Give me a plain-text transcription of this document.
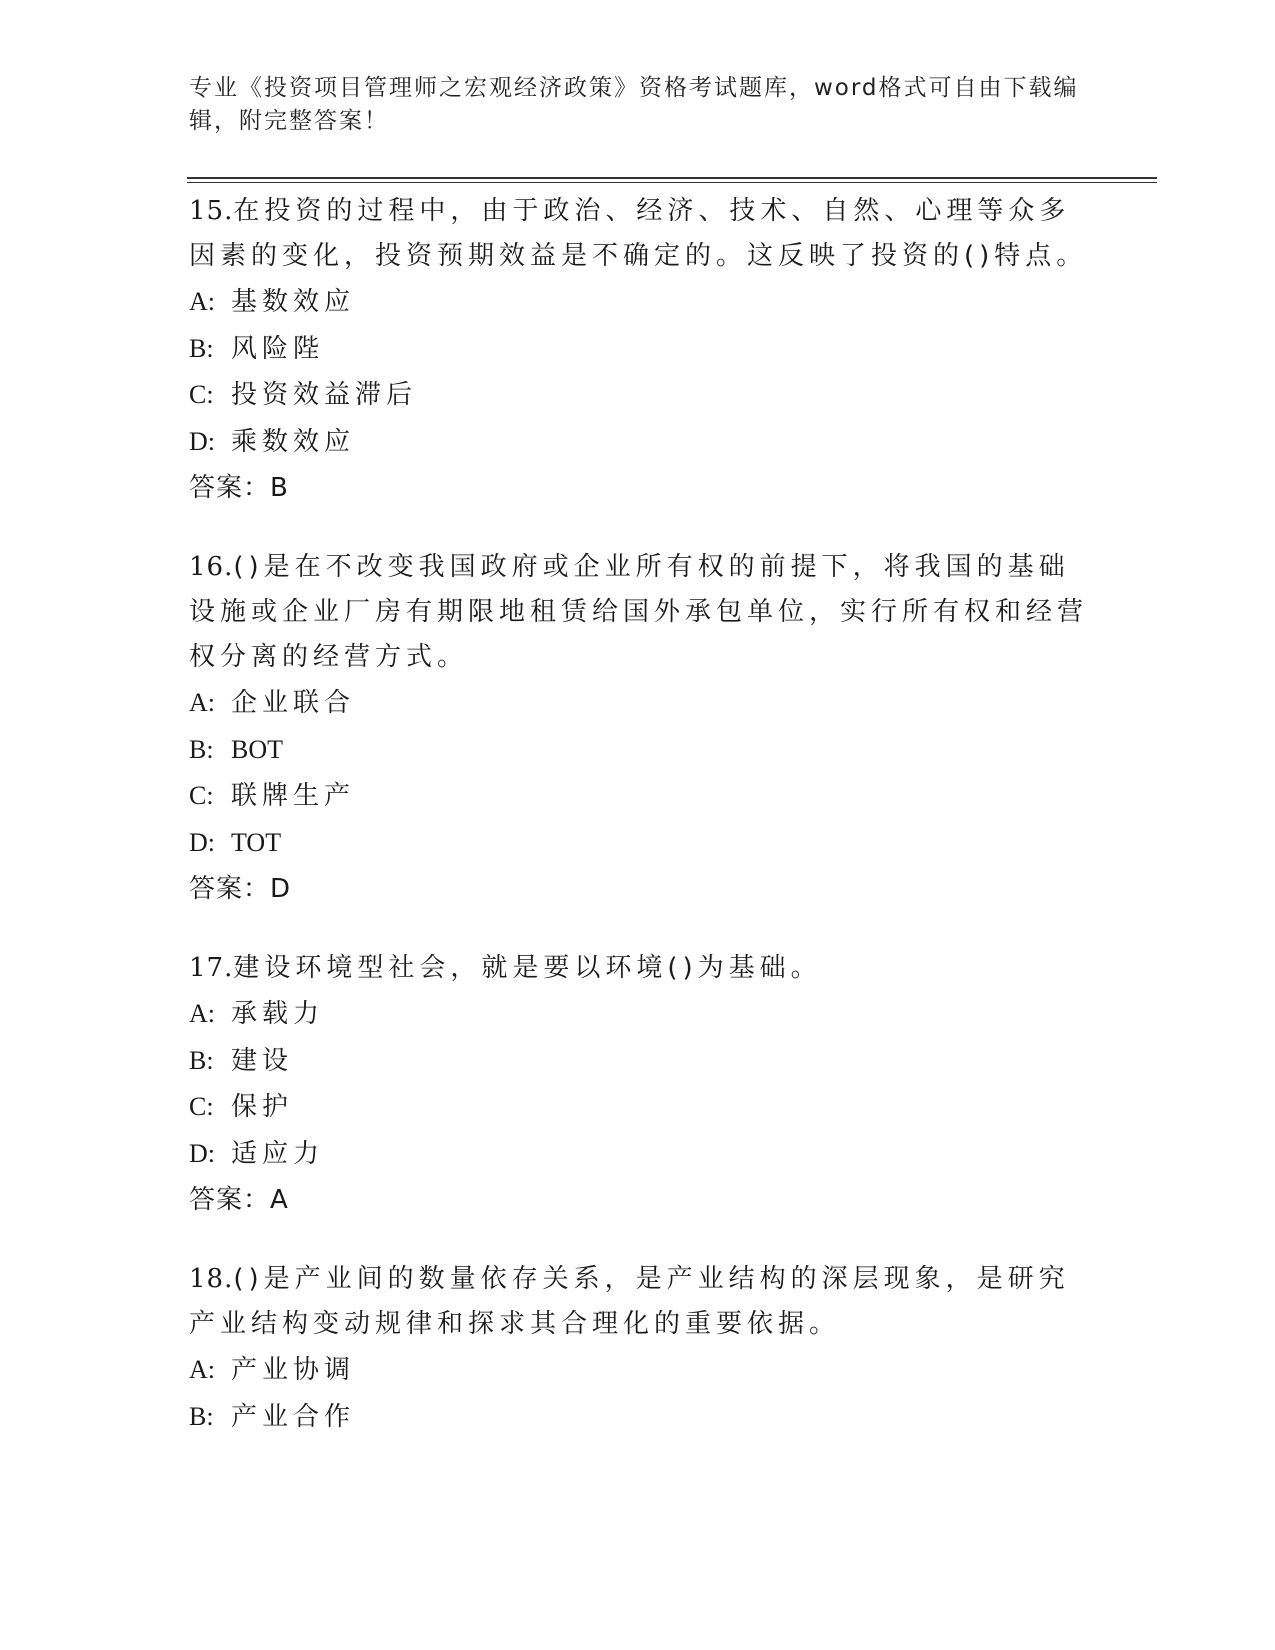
专业《投资项目管理师之宏观经济政策》资格考试题库，word格式可自由下载编
辑，附完整答案！

15.在投资的过程中，由于政治、经济、技术、自然、心理等众多因素的变化，投资预期效益是不确定的。这反映了投资的()特点。

A: 基数效应

B: 风险陛

C: 投资效益滞后

D: 乘数效应

答案：B

16.()是在不改变我国政府或企业所有权的前提下，将我国的基础设施或企业厂房有期限地租赁给国外承包单位，实行所有权和经营权分离的经营方式。

A: 企业联合

B: BOT

C: 联牌生产

D: TOT

答案：D

17.建设环境型社会，就是要以环境()为基础。

A: 承载力

B: 建设

C: 保护

D: 适应力

答案：A

18.()是产业间的数量依存关系，是产业结构的深层现象，是研究产业结构变动规律和探求其合理化的重要依据。

A: 产业协调

B: 产业合作
